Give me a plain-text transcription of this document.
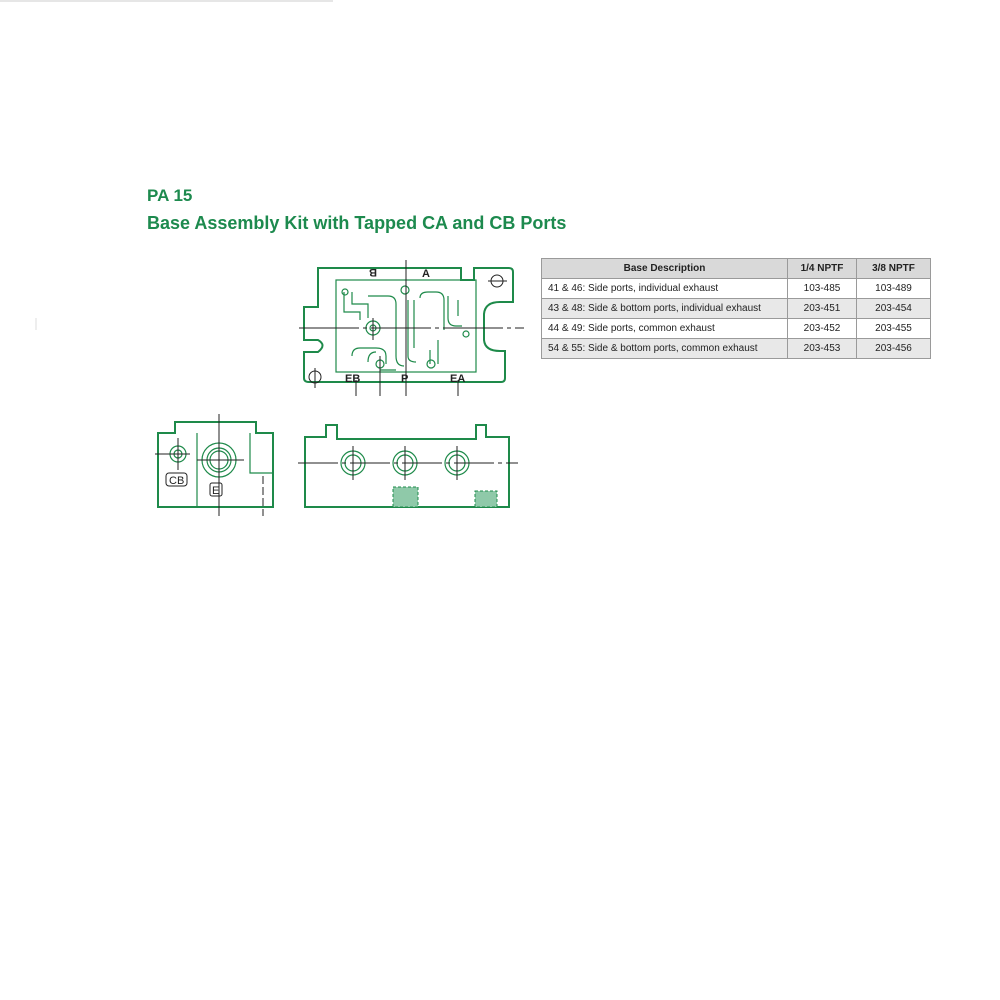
PA 15
Base Assembly Kit with Tapped CA and CB Ports
B	A
EB	P	EA
CB
E
Base Description	1/4 NPTF	3/8 NPTF
41 & 46: Side ports, individual exhaust	103-485	103-489
43 & 48: Side & bottom ports, individual exhaust	203-451	203-454
44 & 49: Side ports, common exhaust	203-452	203-455
54 & 55: Side & bottom ports, common exhaust	203-453	203-456
